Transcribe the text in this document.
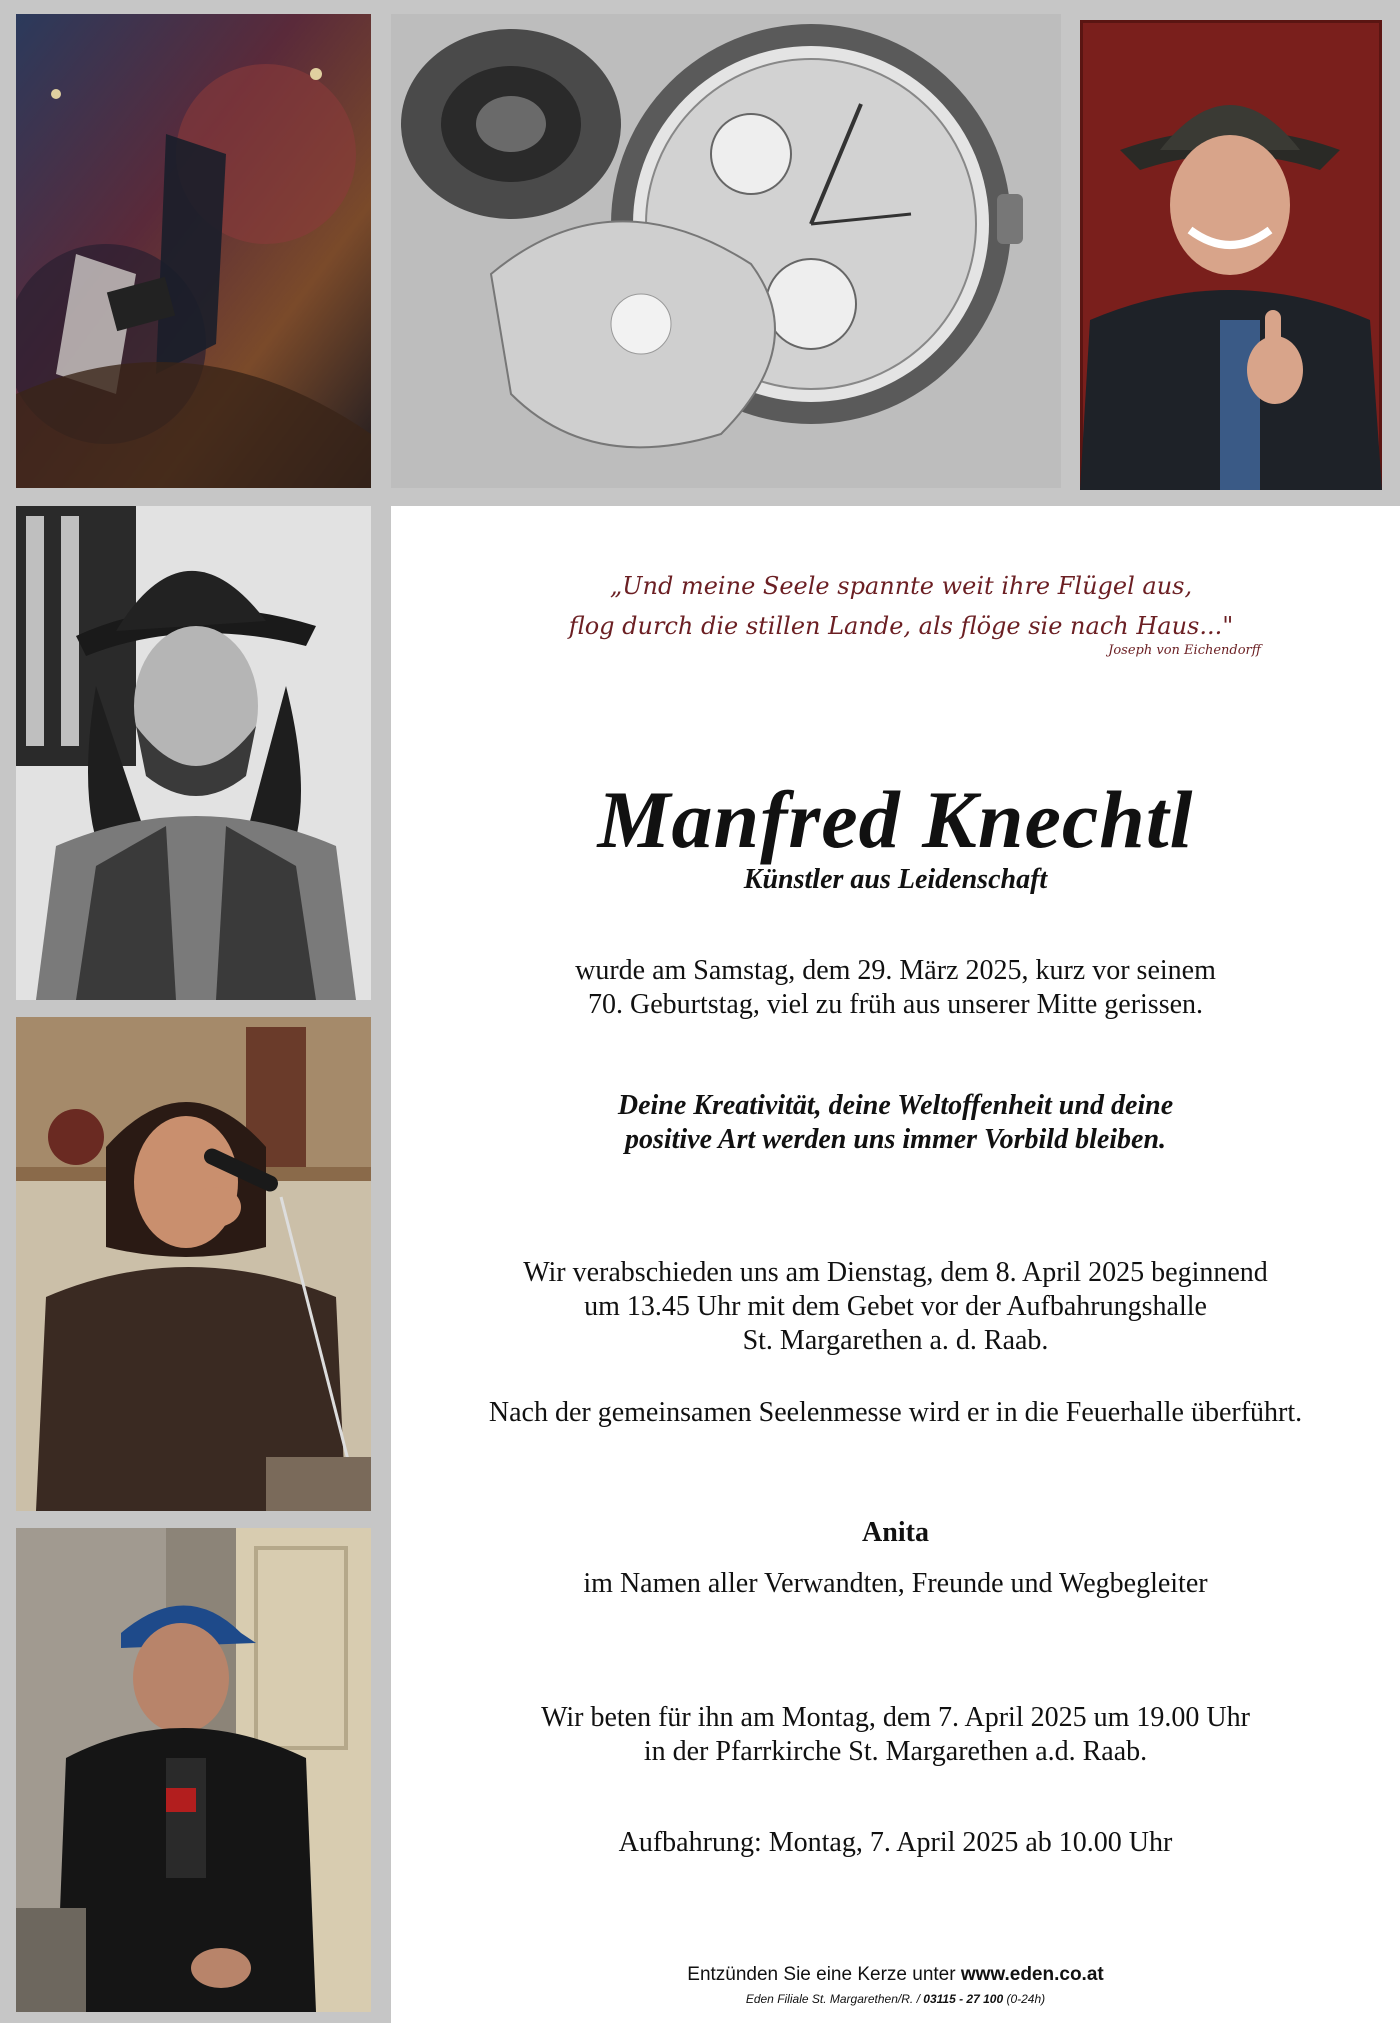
„Und meine Seele spannte weit ihre Flügel aus,
flog durch die stillen Lande, als flöge sie nach Haus..."
Joseph von Eichendorff
Manfred Knechtl
Künstler aus Leidenschaft
wurde am Samstag, dem 29. März 2025, kurz vor seinem
70. Geburtstag, viel zu früh aus unserer Mitte gerissen.
Deine Kreativität, deine Weltoffenheit und deine
positive Art werden uns immer Vorbild bleiben.
Wir verabschieden uns am Dienstag, dem 8. April 2025 beginnend
um 13.45 Uhr mit dem Gebet vor der Aufbahrungshalle
St. Margarethen a. d. Raab.
Nach der gemeinsamen Seelenmesse wird er in die Feuerhalle überführt.
Anita
im Namen aller Verwandten, Freunde und Wegbegleiter
Wir beten für ihn am Montag, dem 7. April 2025 um 19.00 Uhr
in der Pfarrkirche St. Margarethen a.d. Raab.
Aufbahrung: Montag, 7. April 2025 ab 10.00 Uhr
Entzünden Sie eine Kerze unter www.eden.co.at
Eden Filiale St. Margarethen/R. / 03115 - 27 100 (0-24h)
